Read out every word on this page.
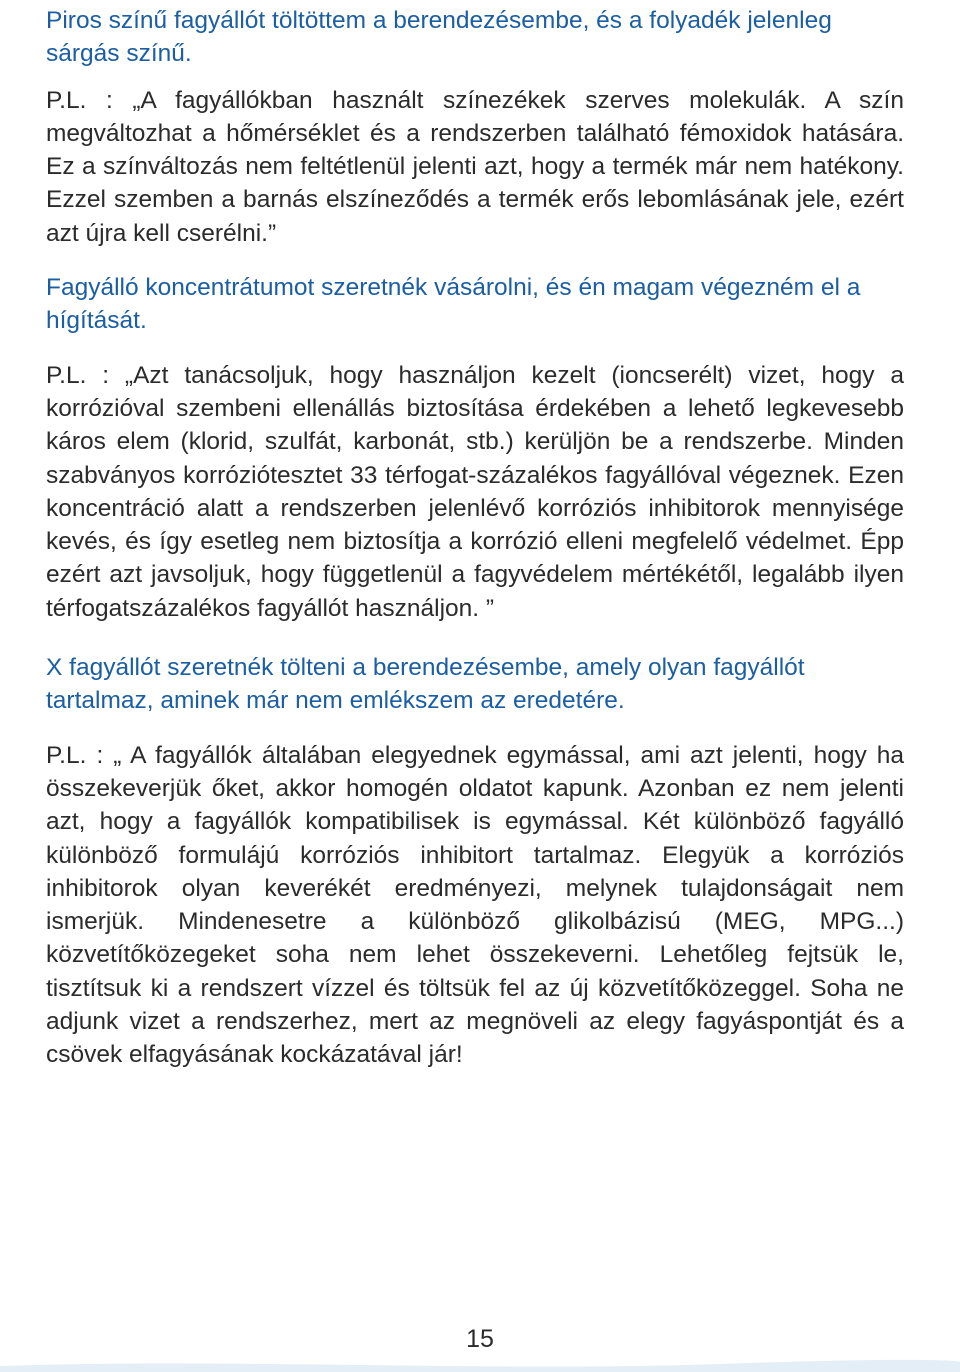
Piros színű fagyállót töltöttem a berendezésembe, és a folyadék jelenleg sárgás színű.

P.L. : „A fagyállókban használt színezékek szerves molekulák. A szín megváltozhat a hőmérséklet és a rendszerben található fémoxidok hatására. Ez a színváltozás nem feltétlenül jelenti azt, hogy a termék már nem hatékony. Ezzel szemben a barnás elszíneződés a termék erős lebomlásának jele, ezért azt újra kell cserélni.”

Fagyálló koncentrátumot szeretnék vásárolni, és én magam végezném el a hígítását.

P.L. : „Azt tanácsoljuk, hogy használjon kezelt (ioncserélt) vizet, hogy a korrózióval szembeni ellenállás biztosítása érdekében a lehető legkevesebb káros elem (klorid, szulfát, karbonát, stb.) kerüljön be a rendszerbe. Minden szabványos korróziótesztet 33 térfogat-százalékos fagyállóval végeznek. Ezen koncentráció alatt a rendszerben jelenlévő korróziós inhibitorok mennyisége kevés, és így esetleg nem biztosítja a korrózió elleni megfelelő védelmet. Épp ezért azt javsoljuk, hogy függetlenül a fagyvédelem mértékétől, legalább ilyen térfogatszázalékos fagyállót használjon. ”

X fagyállót szeretnék tölteni a berendezésembe, amely olyan fagyállót tartalmaz, aminek már nem emlékszem az eredetére.

P.L. : „ A fagyállók általában elegyednek egymással, ami azt jelenti, hogy ha összekeverjük őket, akkor homogén oldatot kapunk. Azonban ez nem jelenti azt, hogy a fagyállók kompatibilisek is egymással. Két különböző fagyálló különböző formulájú korróziós inhibitort tartalmaz. Elegyük a korróziós inhibitorok olyan keverékét eredményezi, melynek tulajdonságait nem ismerjük. Mindenesetre a különböző glikolbázisú (MEG, MPG...) közvetítőközegeket soha nem lehet összekeverni. Lehetőleg fejtsük le, tisztítsuk ki a rendszert vízzel és töltsük fel az új közvetítőközeggel. Soha ne adjunk vizet a rendszerhez, mert az megnöveli az elegy fagyáspontját és a csövek elfagyásának kockázatával jár!

15
